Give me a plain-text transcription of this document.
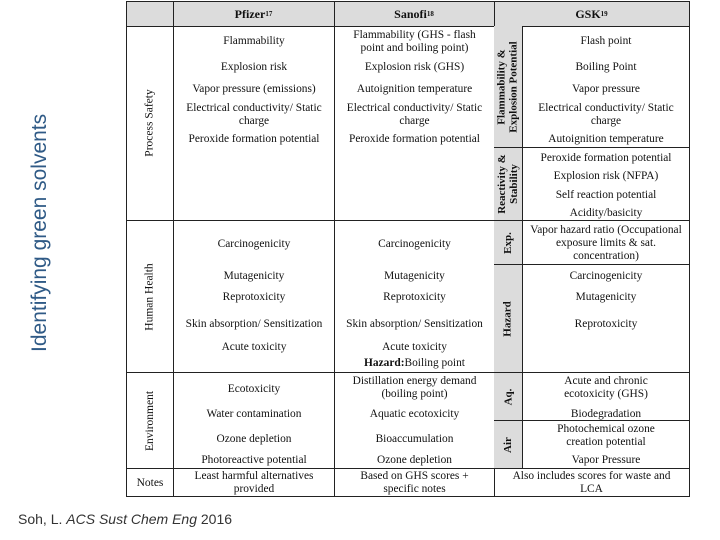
Identifying green solvents
Soh, L. ACS Sust Chem Eng 2016
Pfizer 17	Sanofi 18	GSK 19
Process Safety
Human Health
Environment
Notes
Flammability &
Explosion Potential
Reactivity &
Stability
Exp.
Hazard
Aq.
Air
Flammability
Explosion risk
Vapor pressure (emissions)
Electrical conductivity/ Static charge
Peroxide formation potential
Carcinogenicity
Mutagenicity
Reprotoxicity
Skin absorption/ Sensitization
Acute toxicity
Ecotoxicity
Water contamination
Ozone depletion
Photoreactive potential
Least harmful alternatives provided
Flammability (GHS - flash point and boiling point)
Explosion risk (GHS)
Autoignition temperature
Electrical conductivity/ Static charge
Peroxide formation potential
Carcinogenicity
Mutagenicity
Reprotoxicity
Skin absorption/ Sensitization
Acute toxicity
Hazard: Boiling point
Distillation energy demand (boiling point)
Aquatic ecotoxicity
Bioaccumulation
Ozone depletion
Based on GHS scores + specific notes
Flash point
Boiling Point
Vapor pressure
Electrical conductivity/ Static charge
Autoignition temperature
Peroxide formation potential
Explosion risk (NFPA)
Self reaction potential
Acidity/basicity
Vapor hazard ratio (Occupational exposure limits & sat. concentration)
Carcinogenicity
Mutagenicity
Reprotoxicity
Acute and chronic ecotoxicity (GHS)
Biodegradation
Photochemical ozone creation potential
Vapor Pressure
Also includes scores for waste and LCA
